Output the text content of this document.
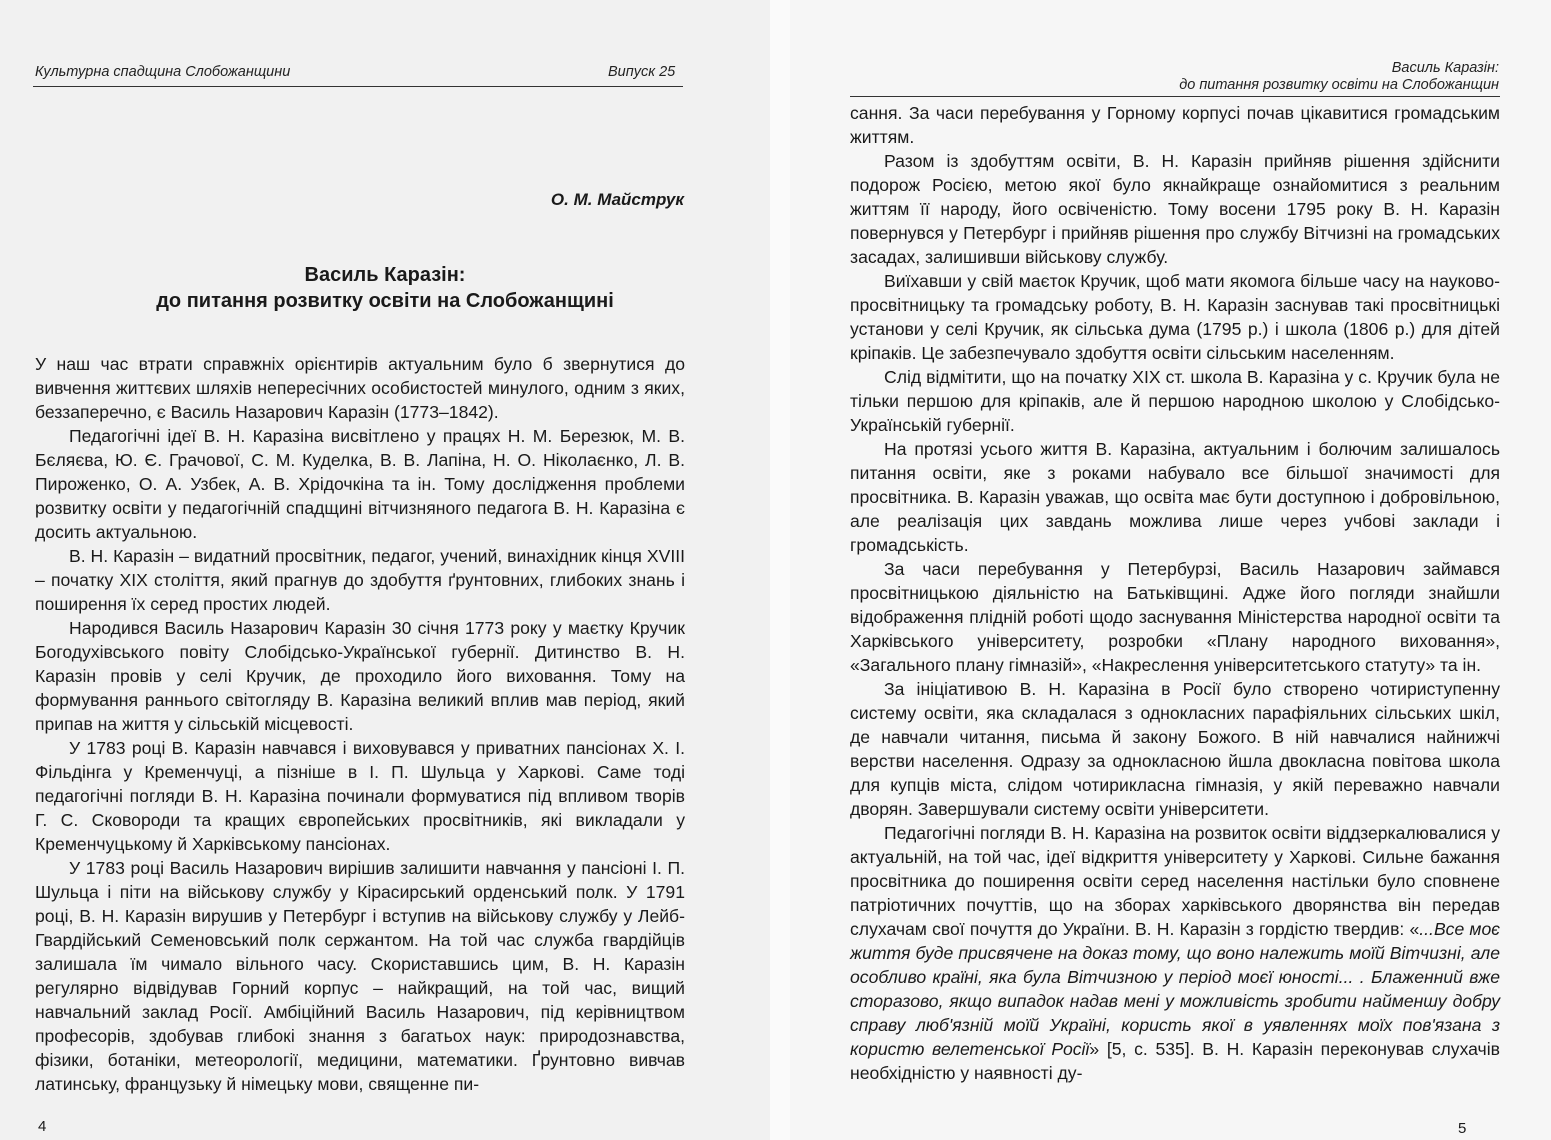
Культурна спадщина Слобожанщини	Випуск 25
О. М. Майструк
Василь Каразін:
до питання розвитку освіти на Слобожанщині

У наш час втрати справжніх орієнтирів актуальним було б звернутися до вивчення життєвих шляхів непересічних особистостей минулого, одним з яких, беззаперечно, є Василь Назарович Каразін (1773–1842).

Педагогічні ідеї В. Н. Каразіна висвітлено у працях Н. М. Березюк, М. В. Бєляєва, Ю. Є. Грачової, С. М. Куделка, В. В. Лапіна, Н. О. Ніколаєнко, Л. В. Пироженко, О. А. Узбек, А. В. Хрідочкіна та ін. Тому дослідження проблеми розвитку освіти у педагогічній спадщині вітчизняного педагога В. Н. Каразіна є досить актуальною.

В. Н. Каразін – видатний просвітник, педагог, учений, винахідник кінця XVIII – початку XIX століття, який прагнув до здобуття ґрунтовних, глибоких знань і поширення їх серед простих людей.

Народився Василь Назарович Каразін 30 січня 1773 року у маєтку Кручик Богодухівського повіту Слобідсько-Української губернії. Дитинство В. Н. Каразін провів у селі Кручик, де проходило його виховання. Тому на формування раннього світогляду В. Каразіна великий вплив мав період, який припав на життя у сільській місцевості.

У 1783 році В. Каразін навчався і виховувався у приватних пансіонах Х. І. Фільдінга у Кременчуці, а пізніше в І. П. Шульца у Харкові. Саме тоді педагогічні погляди В. Н. Каразіна починали формуватися під впливом творів Г. С. Сковороди та кращих європейських просвітників, які викладали у Кременчуцькому й Харківському пансіонах.

У 1783 році Василь Назарович вирішив залишити навчання у пансіоні І. П. Шульца і піти на військову службу у Кірасирський орденський полк. У 1791 році, В. Н. Каразін вирушив у Петербург і вступив на військову службу у Лейб-Гвардійський Семеновський полк сержантом. На той час служба гвардійців залишала їм чимало вільного часу. Скориставшись цим, В. Н. Каразін регулярно відвідував Горний корпус – найкращий, на той час, вищий навчальний заклад Росії. Амбіційний Василь Назарович, під керівництвом професорів, здобував глибокі знання з багатьох наук: природознавства, фізики, ботаніки, метеорології, медицини, математики. Ґрунтовно вивчав латинську, французьку й німецьку мови, священне пи-

4
Василь Каразін:
до питання розвитку освіти на Слобожанщин

сання. За часи перебування у Горному корпусі почав цікавитися громадським життям.

Разом із здобуттям освіти, В. Н. Каразін прийняв рішення здійснити подорож Росією, метою якої було якнайкраще ознайомитися з реальним життям її народу, його освіченістю. Тому восени 1795 року В. Н. Каразін повернувся у Петербург і прийняв рішення про службу Вітчизні на громадських засадах, залишивши військову службу.

Виїхавши у свій маєток Кручик, щоб мати якомога більше часу на науково-просвітницьку та громадську роботу, В. Н. Каразін заснував такі просвітницькі установи у селі Кручик, як сільська дума (1795 р.) і школа (1806 р.) для дітей кріпаків. Це забезпечувало здобуття освіти сільським населенням.

Слід відмітити, що на початку XIX ст. школа В. Каразіна у с. Кручик була не тільки першою для кріпаків, але й першою народною школою у Слобідсько-Українській губернії.

На протязі усього життя В. Каразіна, актуальним і болючим залишалось питання освіти, яке з роками набувало все більшої значимості для просвітника. В. Каразін уважав, що освіта має бути доступною і добровільною, але реалізація цих завдань можлива лише через учбові заклади і громадськість.

За часи перебування у Петербурзі, Василь Назарович займався просвітницькою діяльністю на Батьківщині. Адже його погляди знайшли відображення плідній роботі щодо заснування Міністерства народної освіти та Харківського університету, розробки «Плану народного виховання», «Загального плану гімназій», «Накреслення університетського статуту» та ін.

За ініціативою В. Н. Каразіна в Росії було створено чотириступенну систему освіти, яка складалася з однокласних парафіяльних сільських шкіл, де навчали читання, письма й закону Божого. В ній навчалися найнижчі верстви населення. Одразу за однокласною йшла двокласна повітова школа для купців міста, слідом чотирикласна гімназія, у якій переважно навчали дворян. Завершували систему освіти університети.

Педагогічні погляди В. Н. Каразіна на розвиток освіти віддзеркалювалися у актуальній, на той час, ідеї відкриття університету у Харкові. Сильне бажання просвітника до поширення освіти серед населення настільки було сповнене патріотичних почуттів, що на зборах харківського дворянства він передав слухачам свої почуття до України. В. Н. Каразін з гордістю твердив: «...Все моє життя буде присвячене на доказ тому, що воно належить моїй Вітчизні, але особливо країні, яка була Вітчизною у період моєї юності... . Блаженний вже сторазово, якщо випадок надав мені у можливість зробити найменшу добру справу люб'язній моїй Україні, користь якої в уявленнях моїх пов'язана з користю велетенської Росії» [5, с. 535]. В. Н. Каразін переконував слухачів необхідністю у наявності ду-

5
